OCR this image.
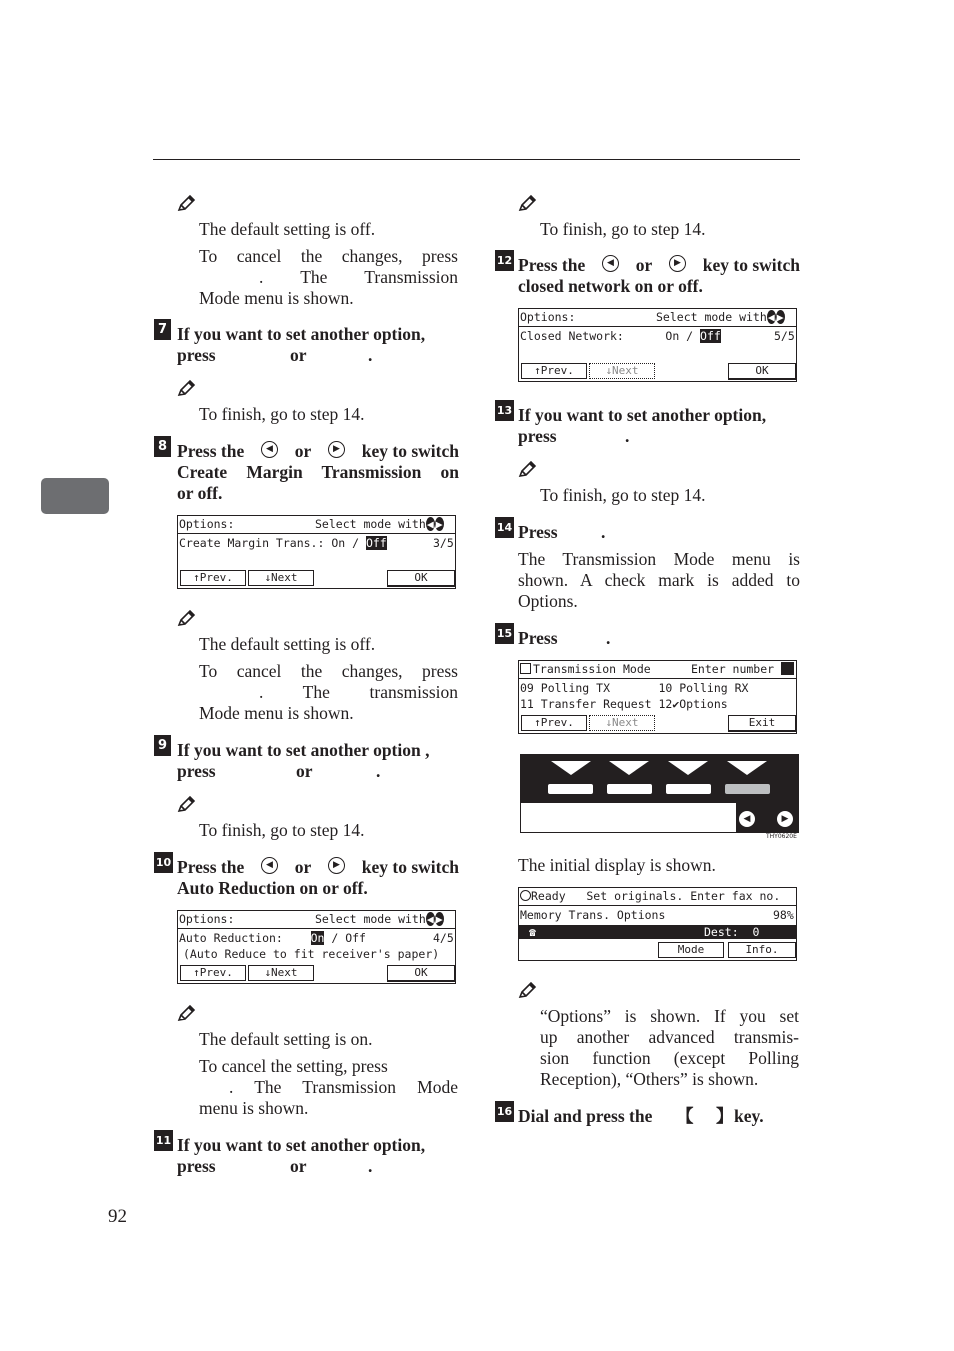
The default setting is off.
To cancel the changes, press
. The Transmission
Mode menu is shown.
7 If you want to set another option,
press	or	.
To finish, go to step 14.
8 Press the	◀ or	▶ key to switch
Create Margin Transmission on
or off.
Options:	Select mode with◀ ▶
Create Margin Trans.: On / Off	3/5
↑Prev.	↓Next	OK
The default setting is off.
To cancel the changes, press
. The transmission
Mode menu is shown.
9 If you want to set another option ,
press	or	.
To finish, go to step 14.
10 Press the	◀ or	▶ key to switch
Auto Reduction on or off.
Options:	Select mode with◀ ▶
Auto Reduction:    On / Off	4/5
(Auto Reduce to fit receiver's paper)
↑Prev.	↓Next	OK
The default setting is on.
To cancel the setting, press
. The Transmission Mode
menu is shown.
11 If you want to set another option,
press	or	.
92
To finish, go to step 14.
12 Press the	◀ or	▶ key to switch
closed network on or off.
Options:	Select mode with◀ ▶
Closed Network:      On / Off	5/5
↑Prev.	↓Next	OK
13 If you want to set another option,
press	.
To finish, go to step 14.
14 Press .
The Transmission Mode menu is
shown. A check mark is added to
Options.
15 Press	.
Transmission Mode	Enter number
09 Polling TX       10 Polling RX
11 Transfer Request 12✔Options
↑Prev.	↓Next	Exit
◀	▶
THY0620E
The initial display is shown.
Ready   Set originals. Enter fax no.
Memory Trans. Options	98%
☎	Dest:  0
Mode	Info.
“Options” is shown. If you set
up another advanced transmis-
sion function (except Polling
Reception), “Others” is shown.
16 Dial and press the 【 】 key.
